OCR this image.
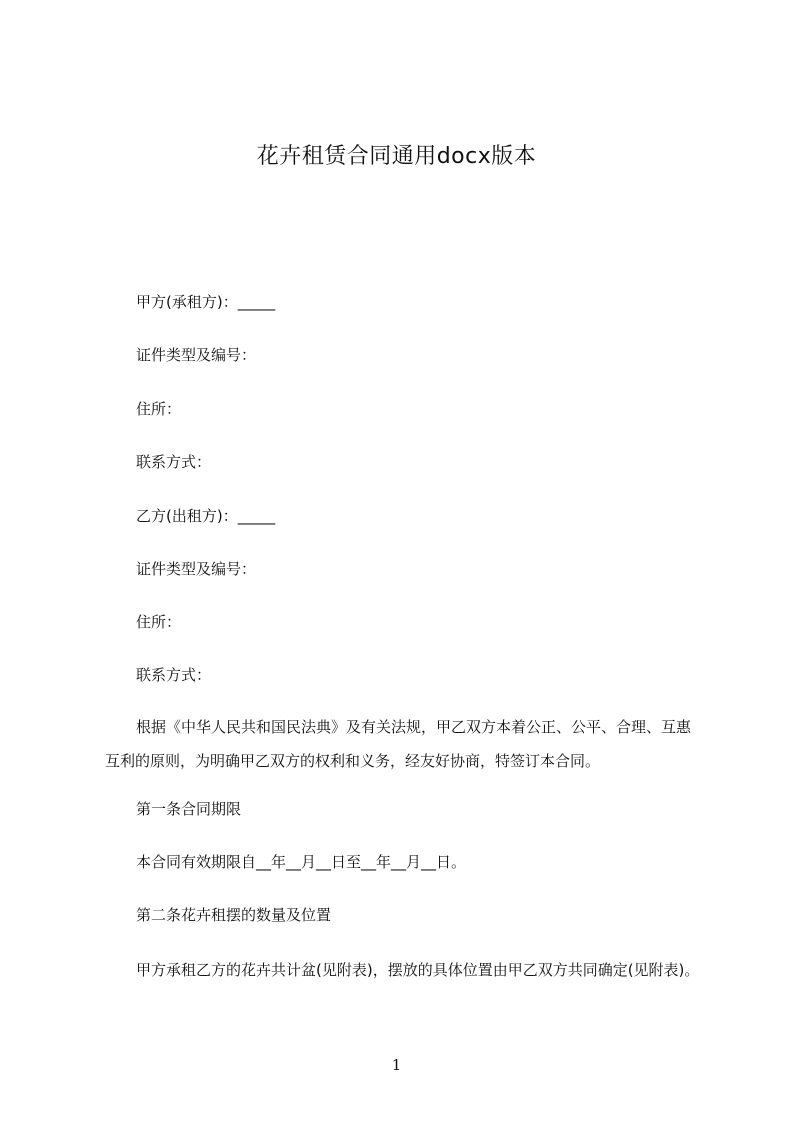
花卉租赁合同通用docx版本
甲方(承租方)：_____
证件类型及编号：
住所：
联系方式：
乙方(出租方)：_____
证件类型及编号：
住所：
联系方式：
根据《中华人民共和国民法典》及有关法规，甲乙双方本着公正、公平、合理、互惠互利的原则，为明确甲乙双方的权利和义务，经友好协商，特签订本合同。
第一条合同期限
本合同有效期限自__年__月__日至__年__月__日。
第二条花卉租摆的数量及位置
甲方承租乙方的花卉共计盆(见附表)，摆放的具体位置由甲乙双方共同确定(见附表)。
1
